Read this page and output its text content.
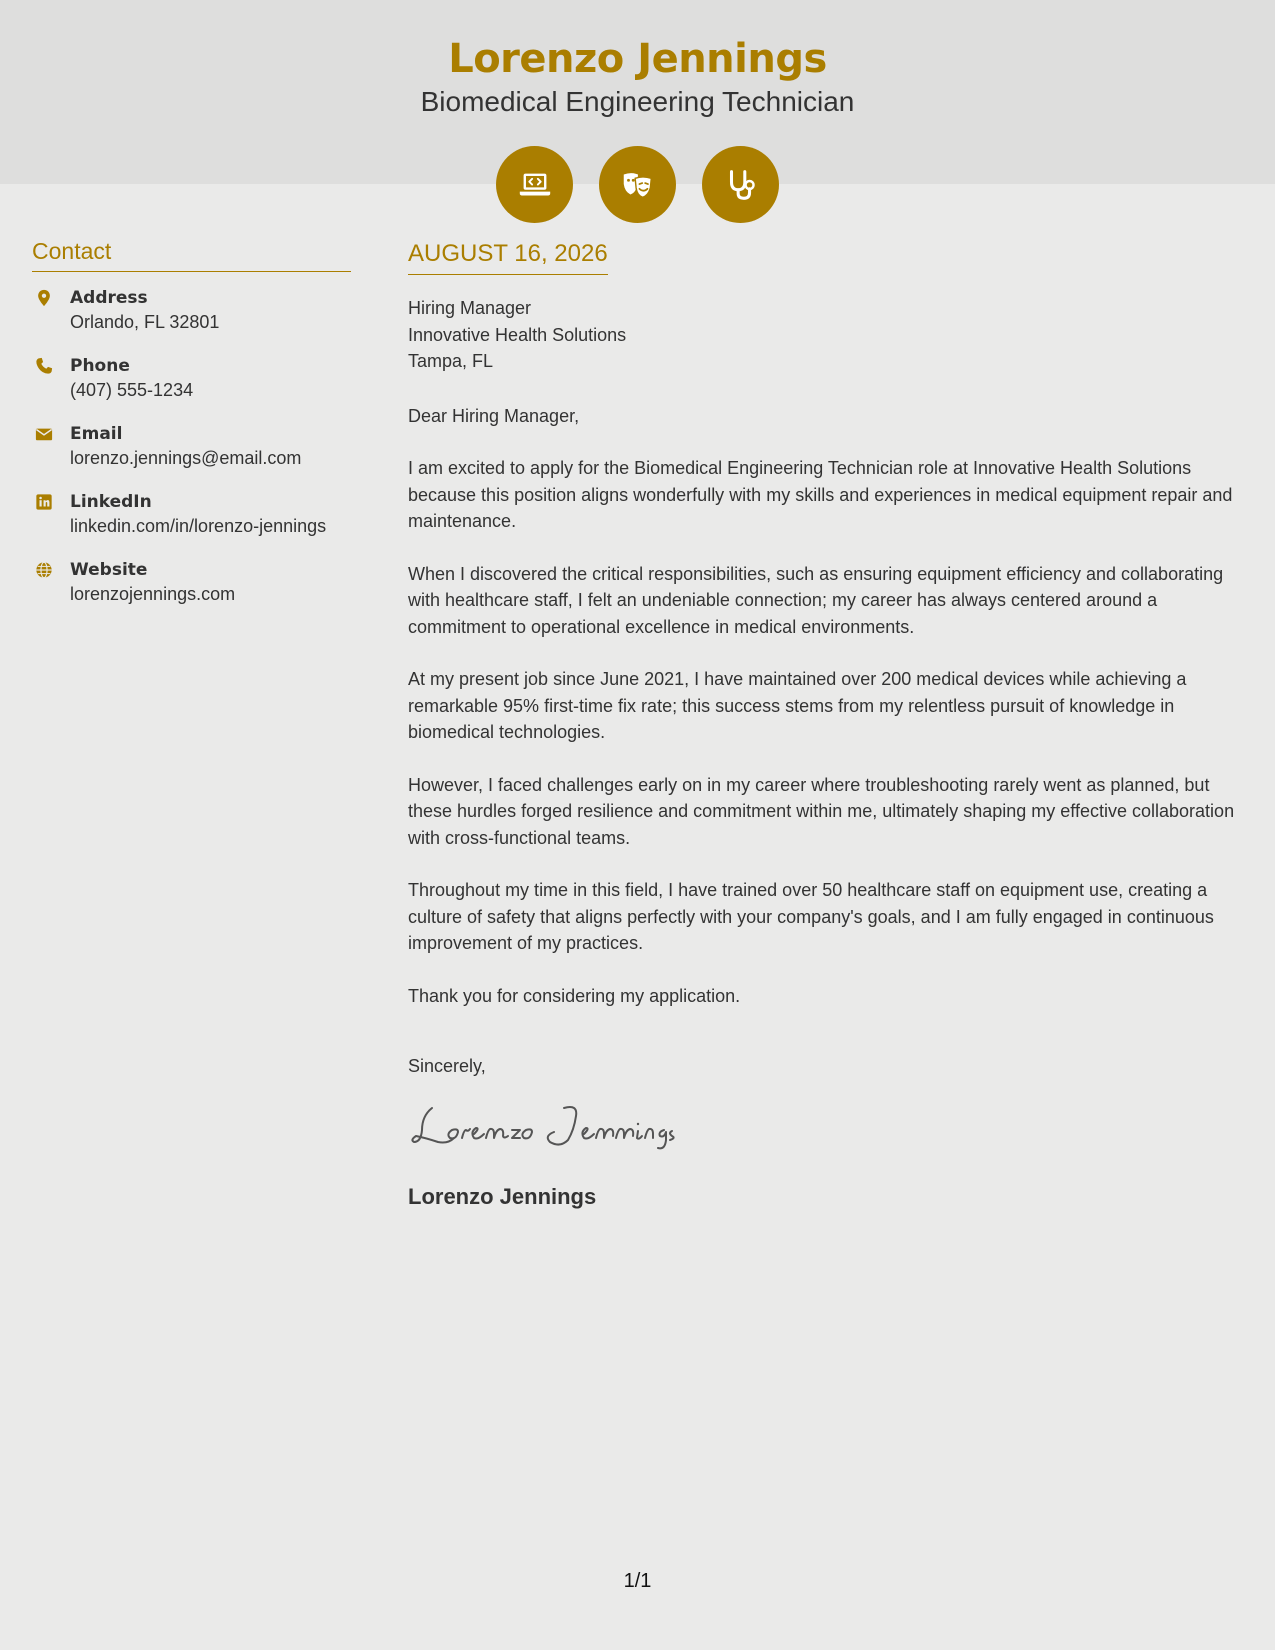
Lorenzo Jennings
Biomedical Engineering Technician
Contact
Address
Orlando, FL 32801
Phone
(407) 555-1234
Email
lorenzo.jennings@email.com
LinkedIn
linkedin.com/in/lorenzo-jennings
Website
lorenzojennings.com
AUGUST 16, 2026
Hiring Manager
Innovative Health Solutions
Tampa, FL
Dear Hiring Manager,

I am excited to apply for the Biomedical Engineering Technician role at Innovative Health Solutions because this position aligns wonderfully with my skills and experiences in medical equipment repair and maintenance.

When I discovered the critical responsibilities, such as ensuring equipment efficiency and collaborating with healthcare staff, I felt an undeniable connection; my career has always centered around a commitment to operational excellence in medical environments.

At my present job since June 2021, I have maintained over 200 medical devices while achieving a remarkable 95% first-time fix rate; this success stems from my relentless pursuit of knowledge in biomedical technologies.

However, I faced challenges early on in my career where troubleshooting rarely went as planned, but these hurdles forged resilience and commitment within me, ultimately shaping my effective collaboration with cross-functional teams.

Throughout my time in this field, I have trained over 50 healthcare staff on equipment use, creating a culture of safety that aligns perfectly with your company's goals, and I am fully engaged in continuous improvement of my practices.

Thank you for considering my application.

Sincerely,
Lorenzo Jennings
1/1
